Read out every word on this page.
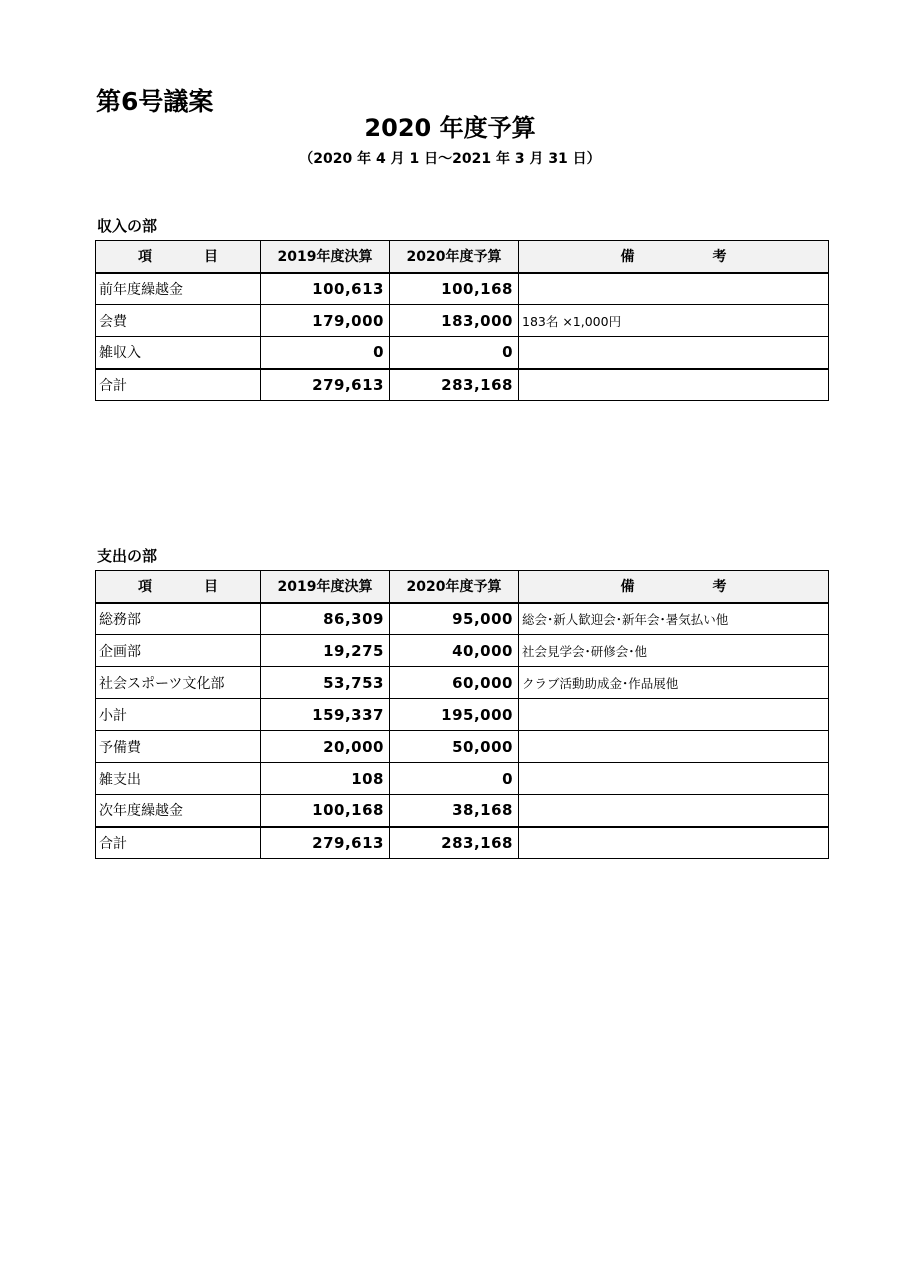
第6号議案
2020 年度予算
（2020 年 4 月 1 日～2021 年 3 月 31 日）
収入の部
項 目	2019年度決算	2020年度予算	備 考
前年度繰越金	100,613	100,168	
会費	179,000	183,000	183名 ×1,000円
雑収入	0	0	
合計	279,613	283,168	
支出の部
項 目	2019年度決算	2020年度予算	備 考
総務部	86,309	95,000	総会･新人歓迎会･新年会･暑気払い他
企画部	19,275	40,000	社会見学会･研修会･他
社会スポーツ文化部	53,753	60,000	クラブ活動助成金･作品展他
小計	159,337	195,000	
予備費	20,000	50,000	
雑支出	108	0	
次年度繰越金	100,168	38,168	
合計	279,613	283,168	
